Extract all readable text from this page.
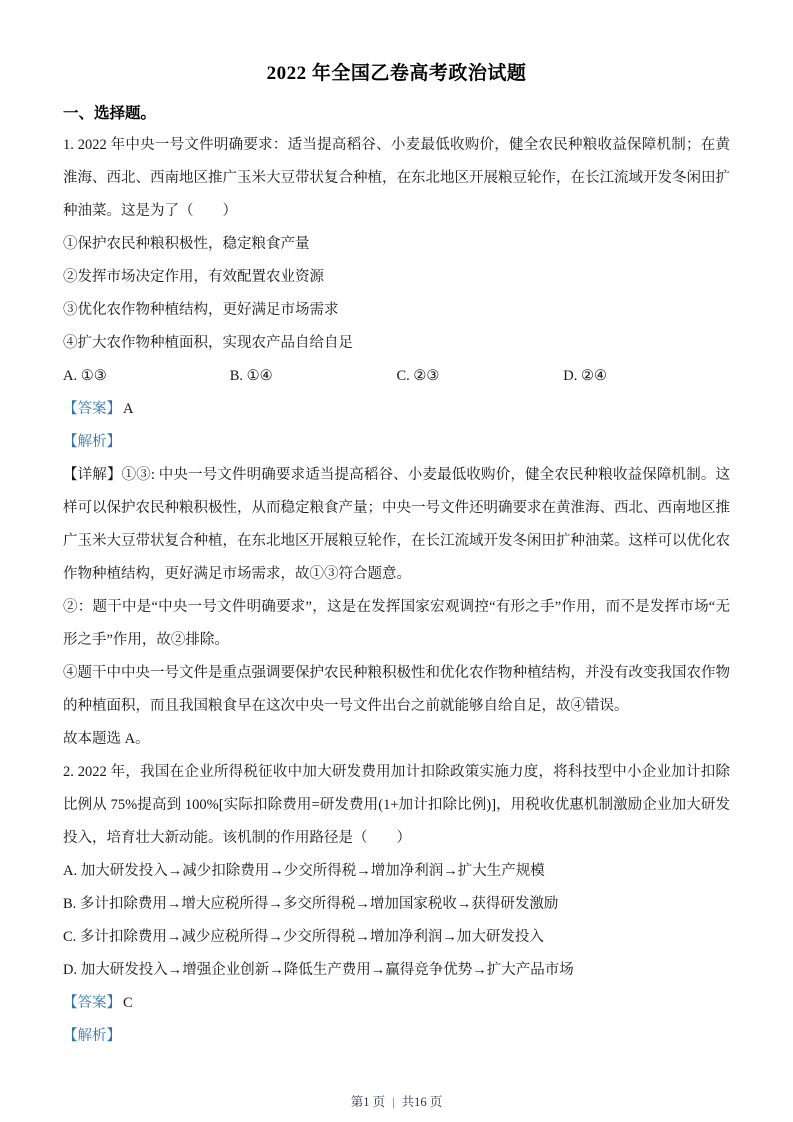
2022 年全国乙卷高考政治试题
一、选择题。

1. 2022 年中央一号文件明确要求：适当提高稻谷、小麦最低收购价，健全农民种粮收益保障机制；在黄淮海、西北、西南地区推广玉米大豆带状复合种植，在东北地区开展粮豆轮作，在长江流域开发冬闲田扩种油菜。这是为了（　　）

①保护农民种粮积极性，稳定粮食产量

②发挥市场决定作用，有效配置农业资源

③优化农作物种植结构，更好满足市场需求

④扩大农作物种植面积，实现农产品自给自足

A. ①③	B. ①④	C. ②③	D. ②④

【答案】 A

【解析】

【详解】①③: 中央一号文件明确要求适当提高稻谷、小麦最低收购价，健全农民种粮收益保障机制。这样可以保护农民种粮积极性，从而稳定粮食产量；中央一号文件还明确要求在黄淮海、西北、西南地区推广玉米大豆带状复合种植，在东北地区开展粮豆轮作，在长江流域开发冬闲田扩种油菜。这样可以优化农作物种植结构，更好满足市场需求，故①③符合题意。

②：题干中是“中央一号文件明确要求”，这是在发挥国家宏观调控“有形之手”作用，而不是发挥市场“无形之手”作用，故②排除。

④题干中中央一号文件是重点强调要保护农民种粮积极性和优化农作物种植结构，并没有改变我国农作物的种植面积，而且我国粮食早在这次中央一号文件出台之前就能够自给自足，故④错误。

故本题选 A。

2. 2022 年，我国在企业所得税征收中加大研发费用加计扣除政策实施力度，将科技型中小企业加计扣除比例从 75%提高到 100%[实际扣除费用=研发费用(1+加计扣除比例)]，用税收优惠机制激励企业加大研发投入，培育壮大新动能。该机制的作用路径是（　　）

A. 加大研发投入→减少扣除费用→少交所得税→增加净利润→扩大生产规模

B. 多计扣除费用→增大应税所得→多交所得税→增加国家税收→获得研发激励

C. 多计扣除费用→减少应税所得→少交所得税→增加净利润→加大研发投入

D. 加大研发投入→增强企业创新→降低生产费用→赢得竞争优势→扩大产品市场

【答案】 C

【解析】

第1 页 | 共16 页
